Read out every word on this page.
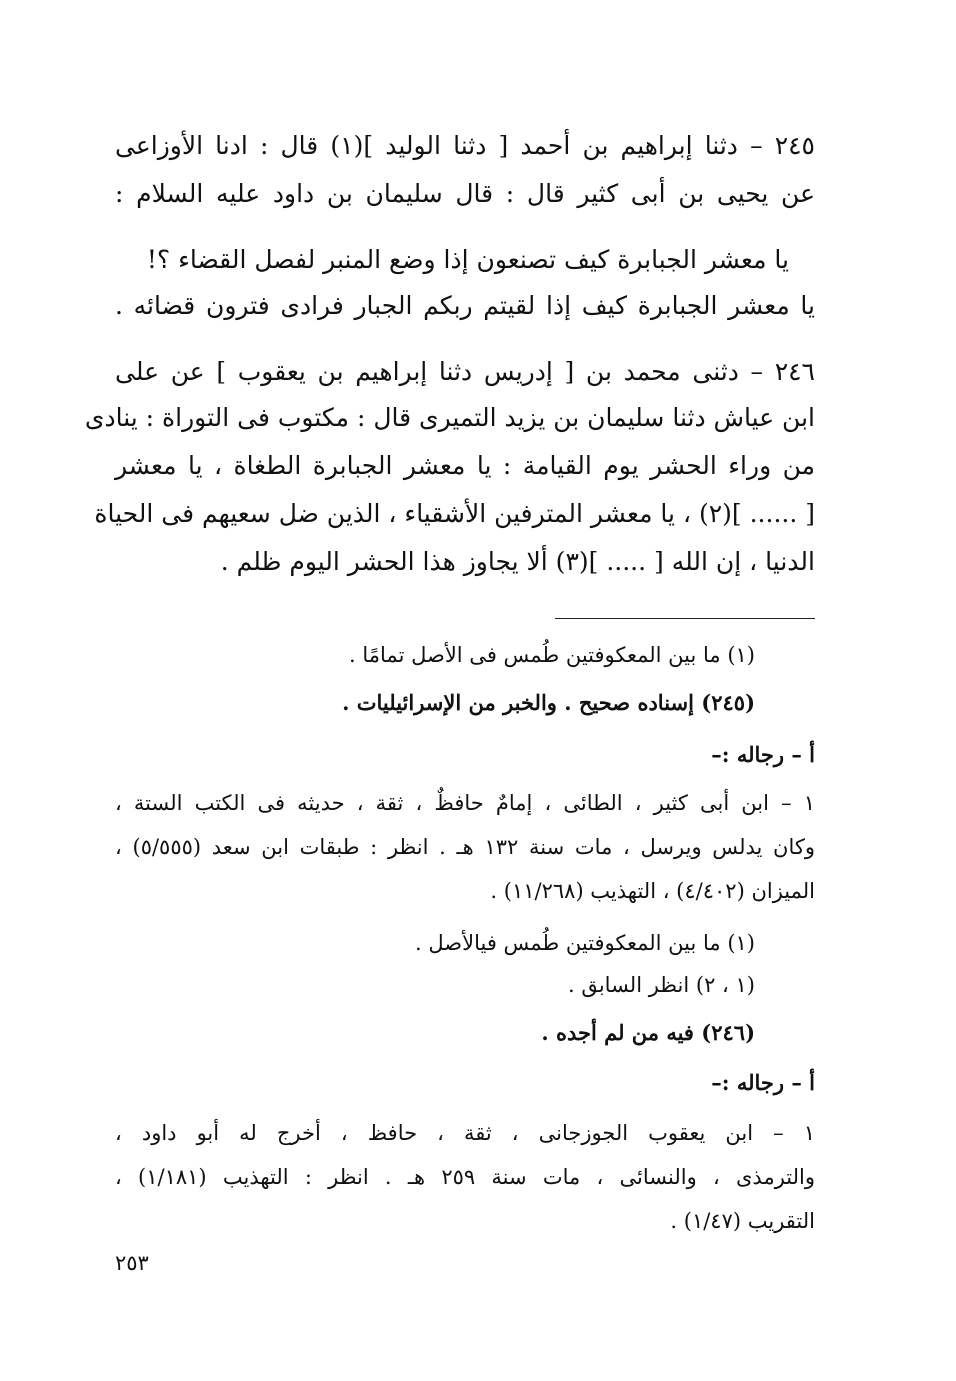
٢٤٥ – دثنا إبراهيم بن أحمد [ دثنا الوليد ](١) قال : ادنا الأوزاعى
عن يحيى بن أبى كثير قال : قال سليمان بن داود عليه السلام :
يا معشر الجبابرة كيف تصنعون إذا وضع المنبر لفصل القضاء ؟!
يا معشر الجبابرة كيف إذا لقيتم ربكم الجبار فرادى فترون قضائه .
٢٤٦ – دثنى محمد بن [ إدريس دثنا إبراهيم بن يعقوب ] عن على
ابن عياش دثنا سليمان بن يزيد التميرى قال : مكتوب فى التوراة : ينادى
من وراء الحشر يوم القيامة : يا معشر الجبابرة الطغاة ، يا معشر
[ ...... ](٢) ، يا معشر المترفين الأشقياء ، الذين ضل سعيهم فى الحياة
الدنيا ، إن الله [ ..... ](٣) ألا يجاوز هذا الحشر اليوم ظلم .
(١) ما بين المعكوفتين طُمس فى الأصل تمامًا .
(٢٤٥) إسناده صحيح . والخبر من الإسرائيليات .
أ – رجاله :–
١ – ابن أبى كثير ، الطائى ، إمامٌ حافظٌ ، ثقة ، حديثه فى الكتب الستة ،
وكان يدلس ويرسل ، مات سنة ١٣٢ هـ . انظر : طبقات ابن سعد (٥/٥٥٥) ،
الميزان (٤/٤٠٢) ، التهذيب (١١/٢٦٨) .
(١) ما بين المعكوفتين طُمس فيالأصل .
(١ ، ٢) انظر السابق .
(٢٤٦) فيه من لم أجده .
أ – رجاله :–
١ – ابن يعقوب الجوزجانى ، ثقة ، حافظ ، أخرج له أبو داود ،
والترمذى ، والنسائى ، مات سنة ٢٥٩ هـ . انظر : التهذيب (١/١٨١) ،
التقريب (١/٤٧) .
٢٥٣
